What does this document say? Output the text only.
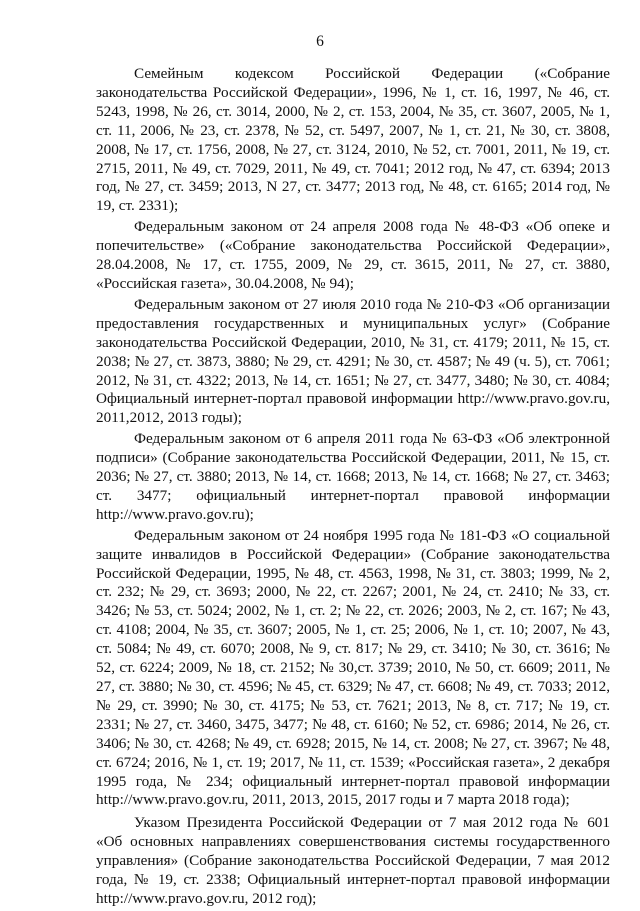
6

Семейным кодексом Российской Федерации («Собрание законодательства Российской Федерации», 1996, № 1, ст. 16, 1997, № 46, ст. 5243, 1998, № 26, ст. 3014, 2000, № 2, ст. 153, 2004, № 35, ст. 3607, 2005, № 1, ст. 11, 2006, № 23, ст. 2378, № 52, ст. 5497, 2007, № 1, ст. 21, № 30, ст. 3808, 2008, № 17, ст. 1756, 2008, № 27, ст. 3124, 2010, № 52, ст. 7001, 2011, № 19, ст. 2715, 2011, № 49, ст. 7029, 2011, № 49, ст. 7041; 2012 год, № 47, ст. 6394; 2013 год, № 27, ст. 3459; 2013, N 27, ст. 3477; 2013 год, № 48, ст. 6165; 2014 год, № 19, ст. 2331);

Федеральным законом от 24 апреля 2008 года № 48-ФЗ «Об опеке и попечительстве» («Собрание законодательства Российской Федерации», 28.04.2008, № 17, ст. 1755, 2009, № 29, ст. 3615, 2011, № 27, ст. 3880, «Российская газета», 30.04.2008, № 94);

Федеральным законом от 27 июля 2010 года № 210-ФЗ «Об организации предоставления государственных и муниципальных услуг» (Собрание законодательства Российской Федерации, 2010, № 31, ст. 4179; 2011, № 15, ст. 2038; № 27, ст. 3873, 3880; № 29, ст. 4291; № 30, ст. 4587; № 49 (ч. 5), ст. 7061; 2012, № 31, ст. 4322; 2013, № 14, ст. 1651; № 27, ст. 3477, 3480; № 30, ст. 4084; Официальный интернет-портал правовой информации http://www.pravo.gov.ru, 2011,2012, 2013 годы);

Федеральным законом от 6 апреля 2011 года № 63-ФЗ «Об электронной подписи» (Собрание законодательства Российской Федерации, 2011, № 15, ст. 2036; № 27, ст. 3880; 2013, № 14, ст. 1668; 2013, № 14, ст. 1668; № 27, ст. 3463; ст. 3477; официальный интернет-портал правовой информации http://www.pravo.gov.ru);

Федеральным законом от 24 ноября 1995 года № 181-ФЗ «О социальной защите инвалидов в Российской Федерации» (Собрание законодательства Российской Федерации, 1995, № 48, ст. 4563, 1998, № 31, ст. 3803; 1999, № 2, ст. 232; № 29, ст. 3693; 2000, № 22, ст. 2267; 2001, № 24, ст. 2410; № 33, ст. 3426; № 53, ст. 5024; 2002, № 1, ст. 2; № 22, ст. 2026; 2003, № 2, ст. 167; № 43, ст. 4108; 2004, № 35, ст. 3607; 2005, № 1, ст. 25; 2006, № 1, ст. 10; 2007, № 43, ст. 5084; № 49, ст. 6070; 2008, № 9, ст. 817; № 29, ст. 3410; № 30, ст. 3616; № 52, ст. 6224; 2009, № 18, ст. 2152; № 30,ст. 3739; 2010, № 50, ст. 6609; 2011, № 27, ст. 3880; № 30, ст. 4596; № 45, ст. 6329; № 47, ст. 6608; № 49, ст. 7033; 2012, № 29, ст. 3990; № 30, ст. 4175; № 53, ст. 7621; 2013, № 8, ст. 717; № 19, ст. 2331; № 27, ст. 3460, 3475, 3477; № 48, ст. 6160; № 52, ст. 6986; 2014, № 26, ст. 3406; № 30, ст. 4268; № 49, ст. 6928; 2015, № 14, ст. 2008; № 27, ст. 3967; № 48, ст. 6724; 2016, № 1, ст. 19; 2017, № 11, ст. 1539; «Российская газета», 2 декабря 1995 года, № 234; официальный интернет-портал правовой информации http://www.pravo.gov.ru, 2011, 2013, 2015, 2017 годы и 7 марта 2018 года);

Указом Президента Российской Федерации от 7 мая 2012 года № 601 «Об основных направлениях совершенствования системы государственного управления» (Собрание законодательства Российской Федерации, 7 мая 2012 года, № 19, ст. 2338; Официальный интернет-портал правовой информации http://www.pravo.gov.ru, 2012 год);
